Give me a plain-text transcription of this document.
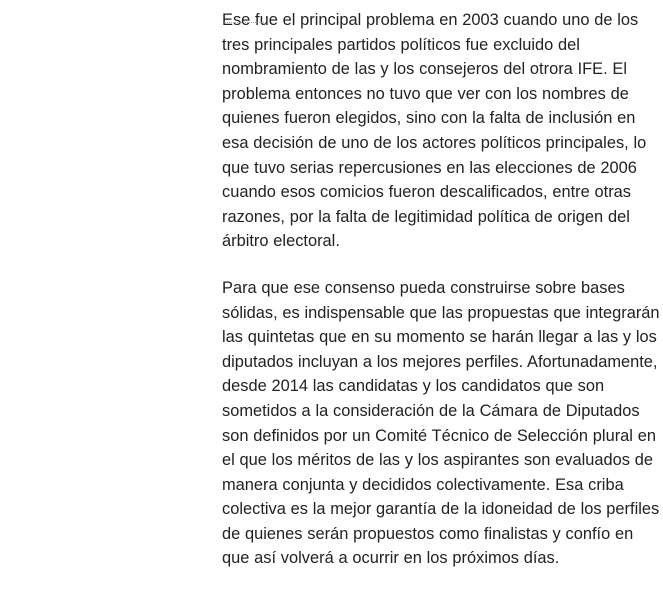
Ese fue el principal problema en 2003 cuando uno de los tres principales partidos políticos fue excluido del nombramiento de las y los consejeros del otrora IFE. El problema entonces no tuvo que ver con los nombres de quienes fueron elegidos, sino con la falta de inclusión en esa decisión de uno de los actores políticos principales, lo que tuvo serias repercusiones en las elecciones de 2006 cuando esos comicios fueron descalificados, entre otras razones, por la falta de legitimidad política de origen del árbitro electoral.

Para que ese consenso pueda construirse sobre bases sólidas, es indispensable que las propuestas que integrarán las quintetas que en su momento se harán llegar a las y los diputados incluyan a los mejores perfiles. Afortunadamente, desde 2014 las candidatas y los candidatos que son sometidos a la consideración de la Cámara de Diputados son definidos por un Comité Técnico de Selección plural en el que los méritos de las y los aspirantes son evaluados de manera conjunta y decididos colectivamente. Esa criba colectiva es la mejor garantía de la idoneidad de los perfiles de quienes serán propuestos como finalistas y confío en que así volverá a ocurrir en los próximos días.
